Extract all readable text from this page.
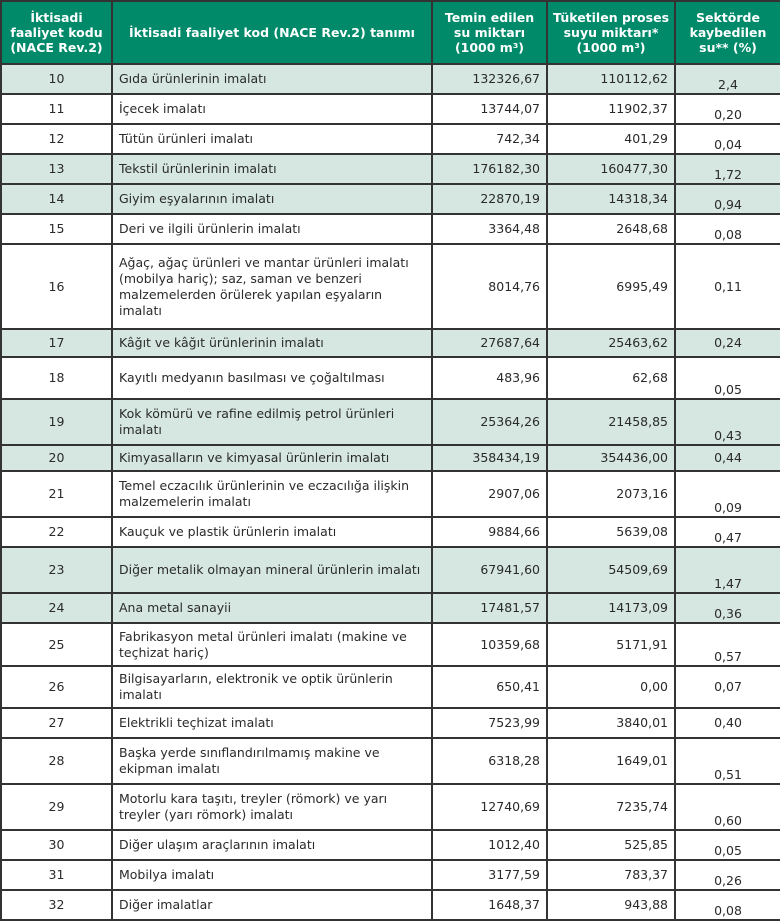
İktisadi faaliyet kodu (NACE Rev.2)	İktisadi faaliyet kod (NACE Rev.2) tanımı	Temin edilen su miktarı (1000 m³)	Tüketilen proses suyu miktarı* (1000 m³)	Sektörde kaybedilen su** (%)
10	Gıda ürünlerinin imalatı	132326,67	110112,62	2,4
11	İçecek imalatı	13744,07	11902,37	0,20
12	Tütün ürünleri imalatı	742,34	401,29	0,04
13	Tekstil ürünlerinin imalatı	176182,30	160477,30	1,72
14	Giyim eşyalarının imalatı	22870,19	14318,34	0,94
15	Deri ve ilgili ürünlerin imalatı	3364,48	2648,68	0,08
16	Ağaç, ağaç ürünleri ve mantar ürünleri imalatı (mobilya hariç); saz, saman ve benzeri malzemelerden örülerek yapılan eşyaların imalatı	8014,76	6995,49	0,11
17	Kâğıt ve kâğıt ürünlerinin imalatı	27687,64	25463,62	0,24
18	Kayıtlı medyanın basılması ve çoğaltılması	483,96	62,68	0,05
19	Kok kömürü ve rafine edilmiş petrol ürünleri imalatı	25364,26	21458,85	0,43
20	Kimyasalların ve kimyasal ürünlerin imalatı	358434,19	354436,00	0,44
21	Temel eczacılık ürünlerinin ve eczacılığa ilişkin malzemelerin imalatı	2907,06	2073,16	0,09
22	Kauçuk ve plastik ürünlerin imalatı	9884,66	5639,08	0,47
23	Diğer metalik olmayan mineral ürünlerin imalatı	67941,60	54509,69	1,47
24	Ana metal sanayii	17481,57	14173,09	0,36
25	Fabrikasyon metal ürünleri imalatı (makine ve teçhizat hariç)	10359,68	5171,91	0,57
26	Bilgisayarların, elektronik ve optik ürünlerin imalatı	650,41	0,00	0,07
27	Elektrikli teçhizat imalatı	7523,99	3840,01	0,40
28	Başka yerde sınıflandırılmamış makine ve ekipman imalatı	6318,28	1649,01	0,51
29	Motorlu kara taşıtı, treyler (römork) ve yarı treyler (yarı römork) imalatı	12740,69	7235,74	0,60
30	Diğer ulaşım araçlarının imalatı	1012,40	525,85	0,05
31	Mobilya imalatı	3177,59	783,37	0,26
32	Diğer imalatlar	1648,37	943,88	0,08
